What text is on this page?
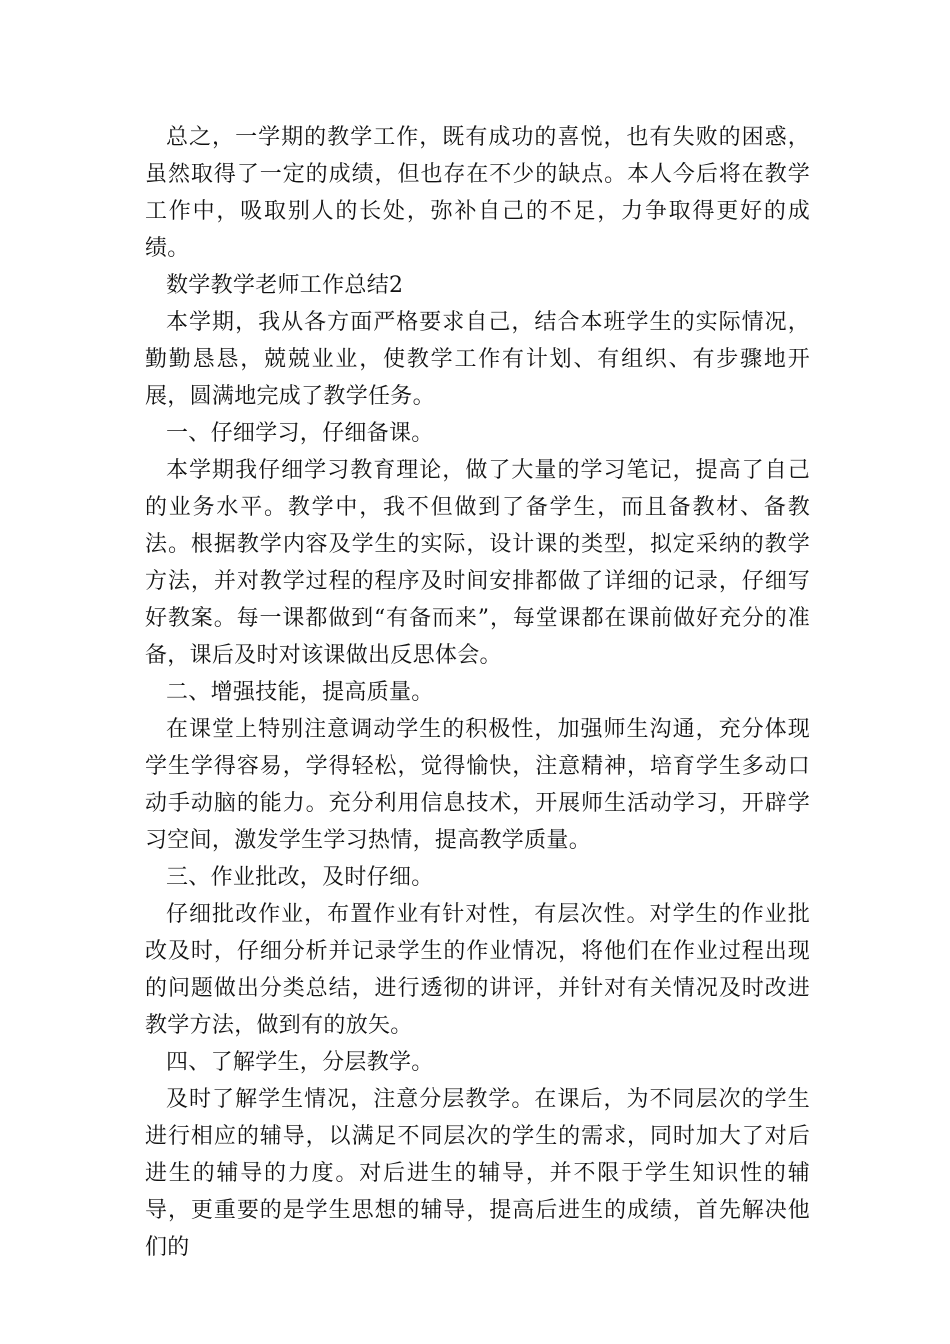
总之，一学期的教学工作，既有成功的喜悦，也有失败的困惑，虽然取得了一定的成绩，但也存在不少的缺点。本人今后将在教学工作中，吸取别人的长处，弥补自己的不足，力争取得更好的成绩。

数学教学老师工作总结2

本学期，我从各方面严格要求自己，结合本班学生的实际情况，勤勤恳恳，兢兢业业，使教学工作有计划、有组织、有步骤地开展，圆满地完成了教学任务。

一、仔细学习，仔细备课。

本学期我仔细学习教育理论，做了大量的学习笔记，提高了自己的业务水平。教学中，我不但做到了备学生，而且备教材、备教法。根据教学内容及学生的实际，设计课的类型，拟定采纳的教学方法，并对教学过程的程序及时间安排都做了详细的记录，仔细写好教案。每一课都做到“有备而来”，每堂课都在课前做好充分的准备，课后及时对该课做出反思体会。

二、增强技能，提高质量。

在课堂上特别注意调动学生的积极性，加强师生沟通，充分体现学生学得容易，学得轻松，觉得愉快，注意精神，培育学生多动口动手动脑的能力。充分利用信息技术，开展师生活动学习，开辟学习空间，激发学生学习热情，提高教学质量。

三、作业批改，及时仔细。

仔细批改作业，布置作业有针对性，有层次性。对学生的作业批改及时，仔细分析并记录学生的作业情况，将他们在作业过程出现的问题做出分类总结，进行透彻的讲评，并针对有关情况及时改进教学方法，做到有的放矢。

四、了解学生，分层教学。

及时了解学生情况，注意分层教学。在课后，为不同层次的学生进行相应的辅导，以满足不同层次的学生的需求，同时加大了对后进生的辅导的力度。对后进生的辅导，并不限于学生知识性的辅导，更重要的是学生思想的辅导，提高后进生的成绩，首先解决他们的
